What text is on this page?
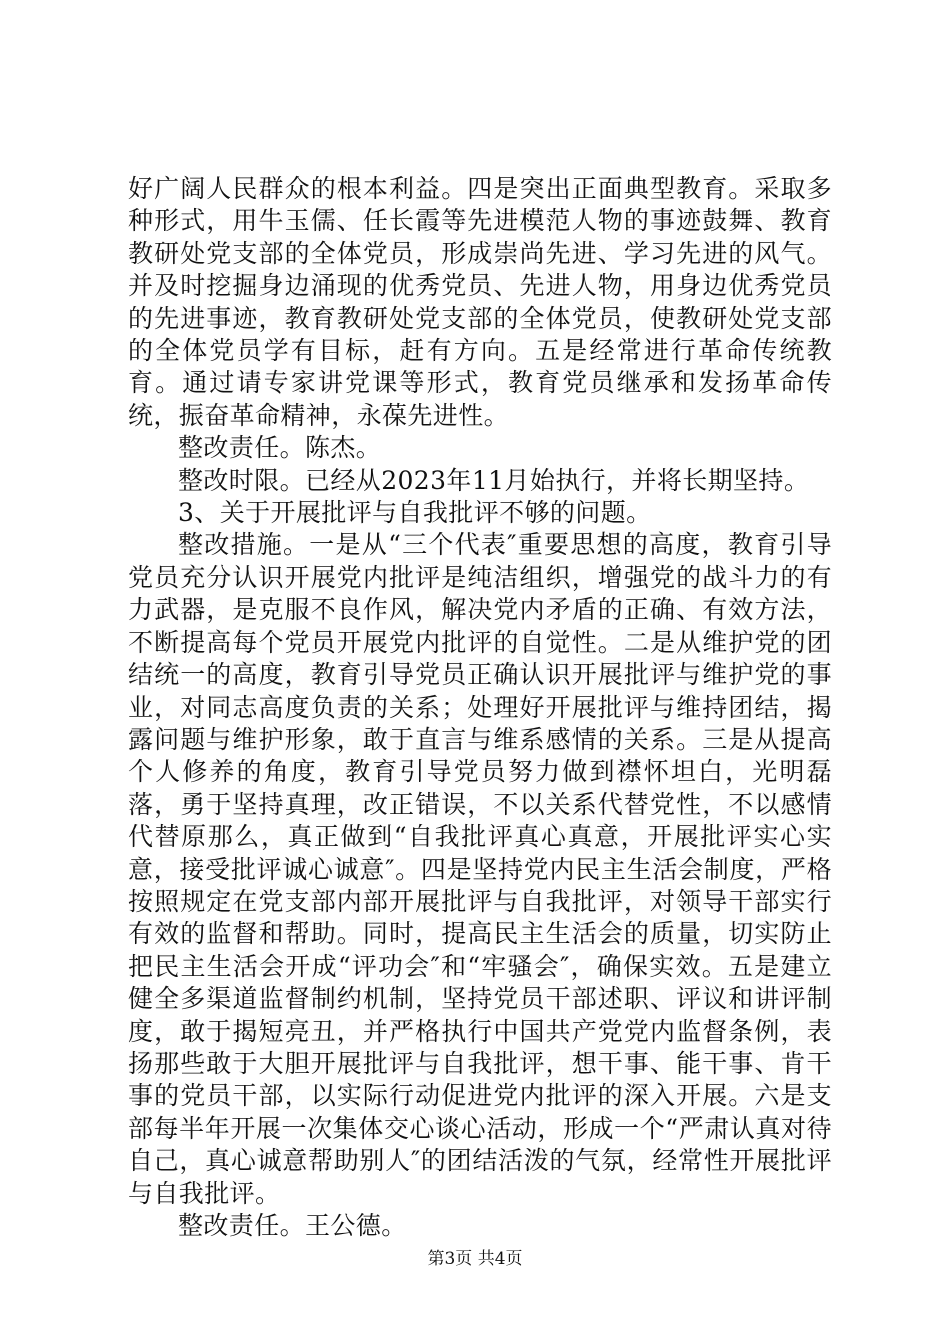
好广阔人民群众的根本利益。四是突出正面典型教育。采取多种形式，用牛玉儒、任长霞等先进模范人物的事迹鼓舞、教育教研处党支部的全体党员，形成崇尚先进、学习先进的风气。并及时挖掘身边涌现的优秀党员、先进人物，用身边优秀党员的先进事迹，教育教研处党支部的全体党员，使教研处党支部的全体党员学有目标，赶有方向。五是经常进行革命传统教育。通过请专家讲党课等形式，教育党员继承和发扬革命传统，振奋革命精神，永葆先进性。

整改责任。陈杰。

整改时限。已经从2023年11月始执行，并将长期坚持。

3、关于开展批评与自我批评不够的问题。

整改措施。一是从“三个代表″重要思想的高度，教育引导党员充分认识开展党内批评是纯洁组织，增强党的战斗力的有力武器，是克服不良作风，解决党内矛盾的正确、有效方法，不断提高每个党员开展党内批评的自觉性。二是从维护党的团结统一的高度，教育引导党员正确认识开展批评与维护党的事业，对同志高度负责的关系；处理好开展批评与维持团结，揭露问题与维护形象，敢于直言与维系感情的关系。三是从提高个人修养的角度，教育引导党员努力做到襟怀坦白，光明磊落，勇于坚持真理，改正错误，不以关系代替党性，不以感情代替原那么，真正做到“自我批评真心真意，开展批评实心实意，接受批评诚心诚意″。四是坚持党内民主生活会制度，严格按照规定在党支部内部开展批评与自我批评，对领导干部实行有效的监督和帮助。同时，提高民主生活会的质量，切实防止把民主生活会开成“评功会″和“牢骚会″，确保实效。五是建立健全多渠道监督制约机制，坚持党员干部述职、评议和讲评制度，敢于揭短亮丑，并严格执行中国共产党党内监督条例，表扬那些敢于大胆开展批评与自我批评，想干事、能干事、肯干事的党员干部，以实际行动促进党内批评的深入开展。六是支部每半年开展一次集体交心谈心活动，形成一个“严肃认真对待自己，真心诚意帮助别人″的团结活泼的气氛，经常性开展批评与自我批评。

整改责任。王公德。

第3页 共4页
